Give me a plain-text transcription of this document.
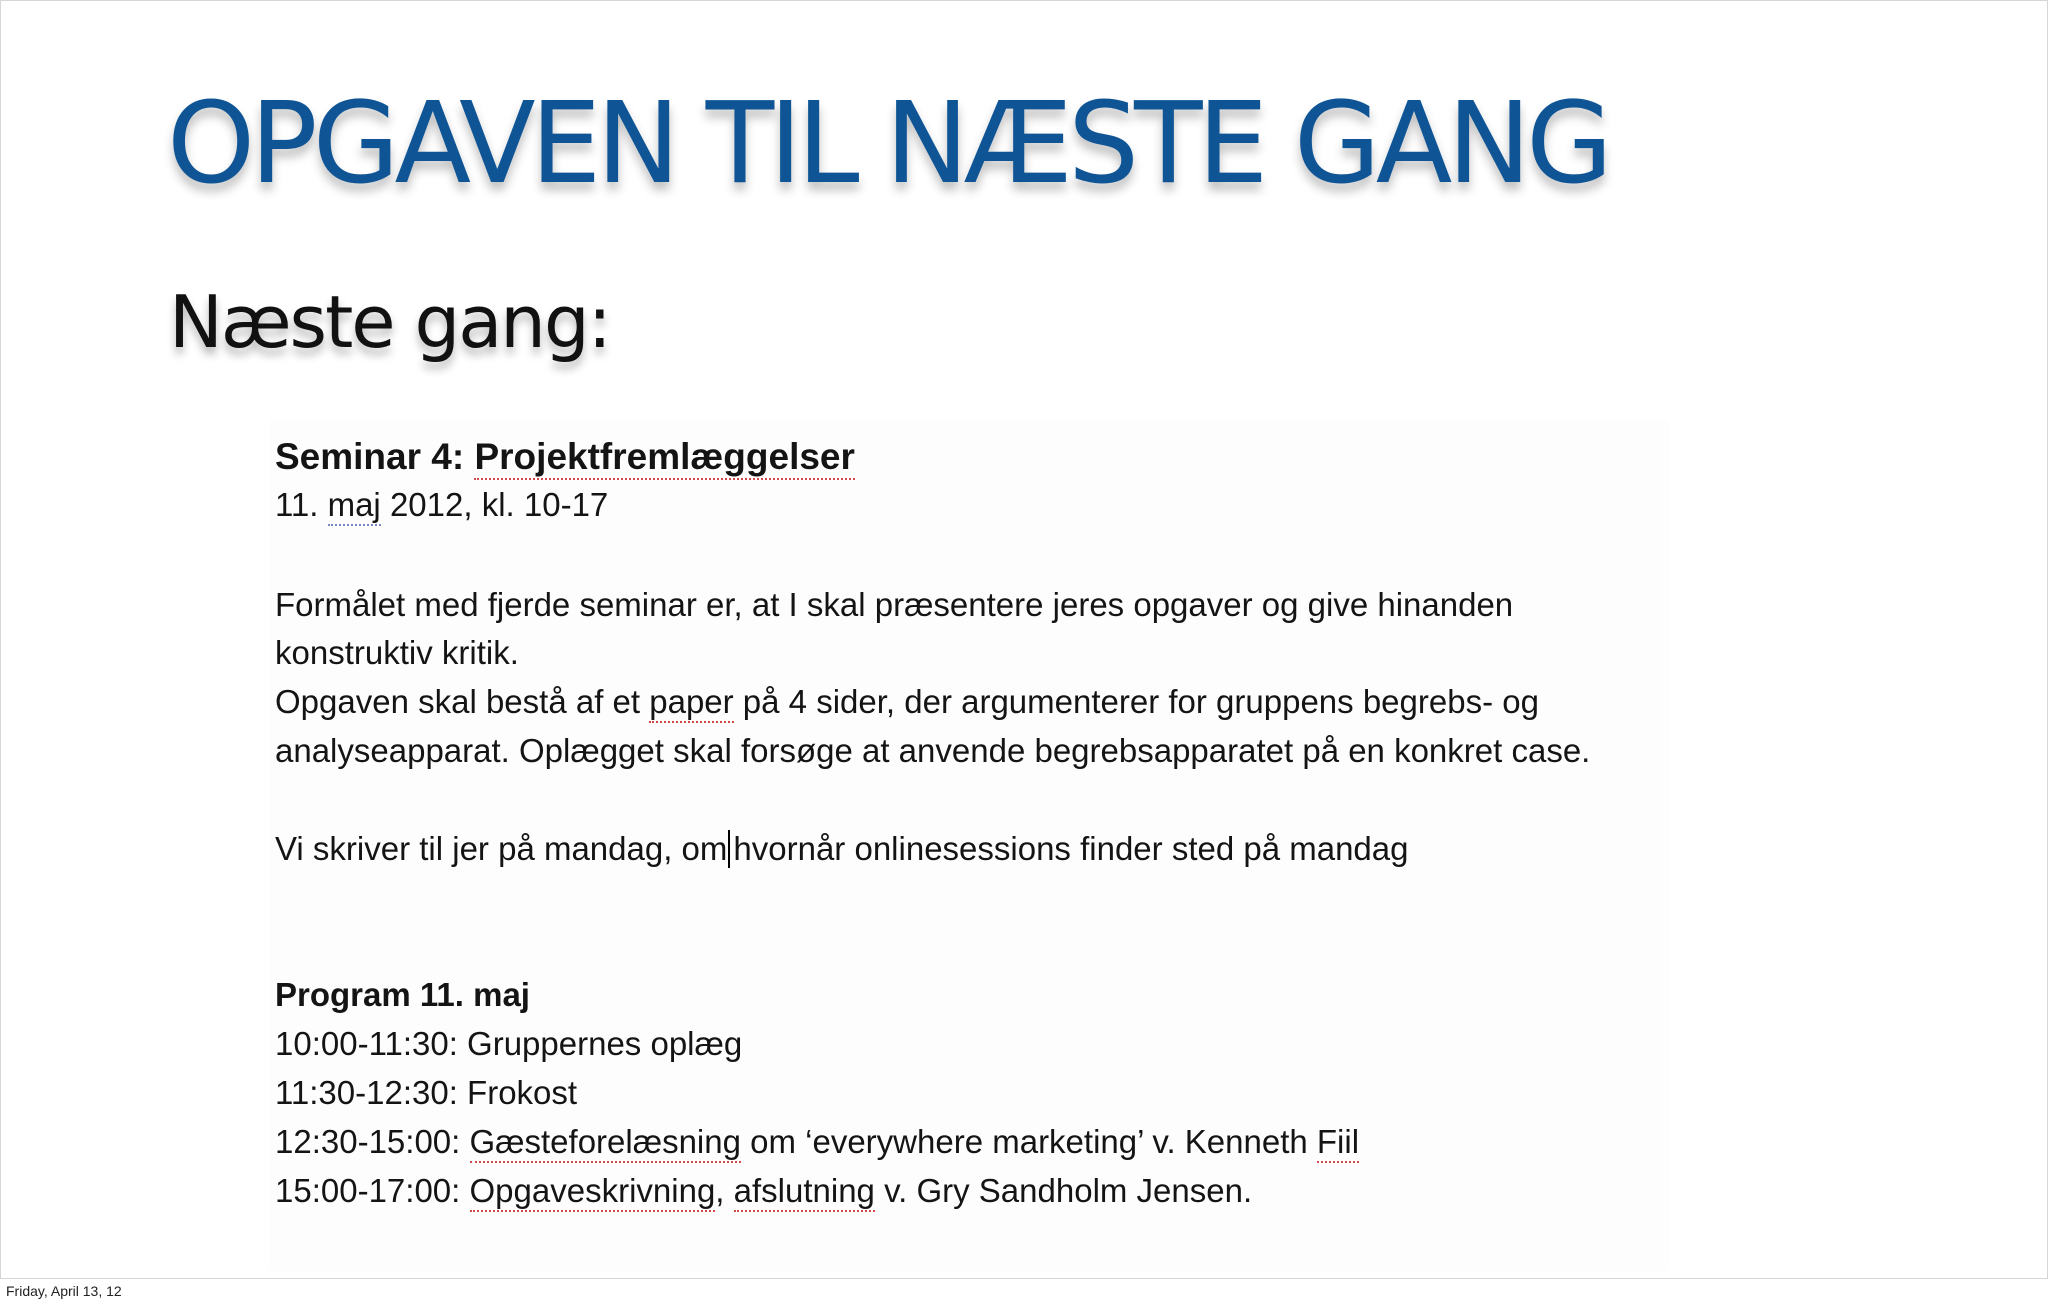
OPGAVEN TIL NÆSTE GANG
Næste gang:
Seminar 4: Projektfremlæggelser
11. maj 2012, kl. 10-17
Formålet med fjerde seminar er, at I skal præsentere jeres opgaver og give hinanden
konstruktiv kritik.
Opgaven skal bestå af et paper på 4 sider, der argumenterer for gruppens begrebs- og
analyseapparat. Oplægget skal forsøge at anvende begrebsapparatet på en konkret case.
Vi skriver til jer på mandag, om hvornår onlinesessions finder sted på mandag
Program 11. maj
10:00-11:30: Gruppernes oplæg
11:30-12:30: Frokost
12:30-15:00: Gæsteforelæsning om ‘everywhere marketing’ v. Kenneth Fiil
15:00-17:00: Opgaveskrivning, afslutning v. Gry Sandholm Jensen.
Friday, April 13, 12
